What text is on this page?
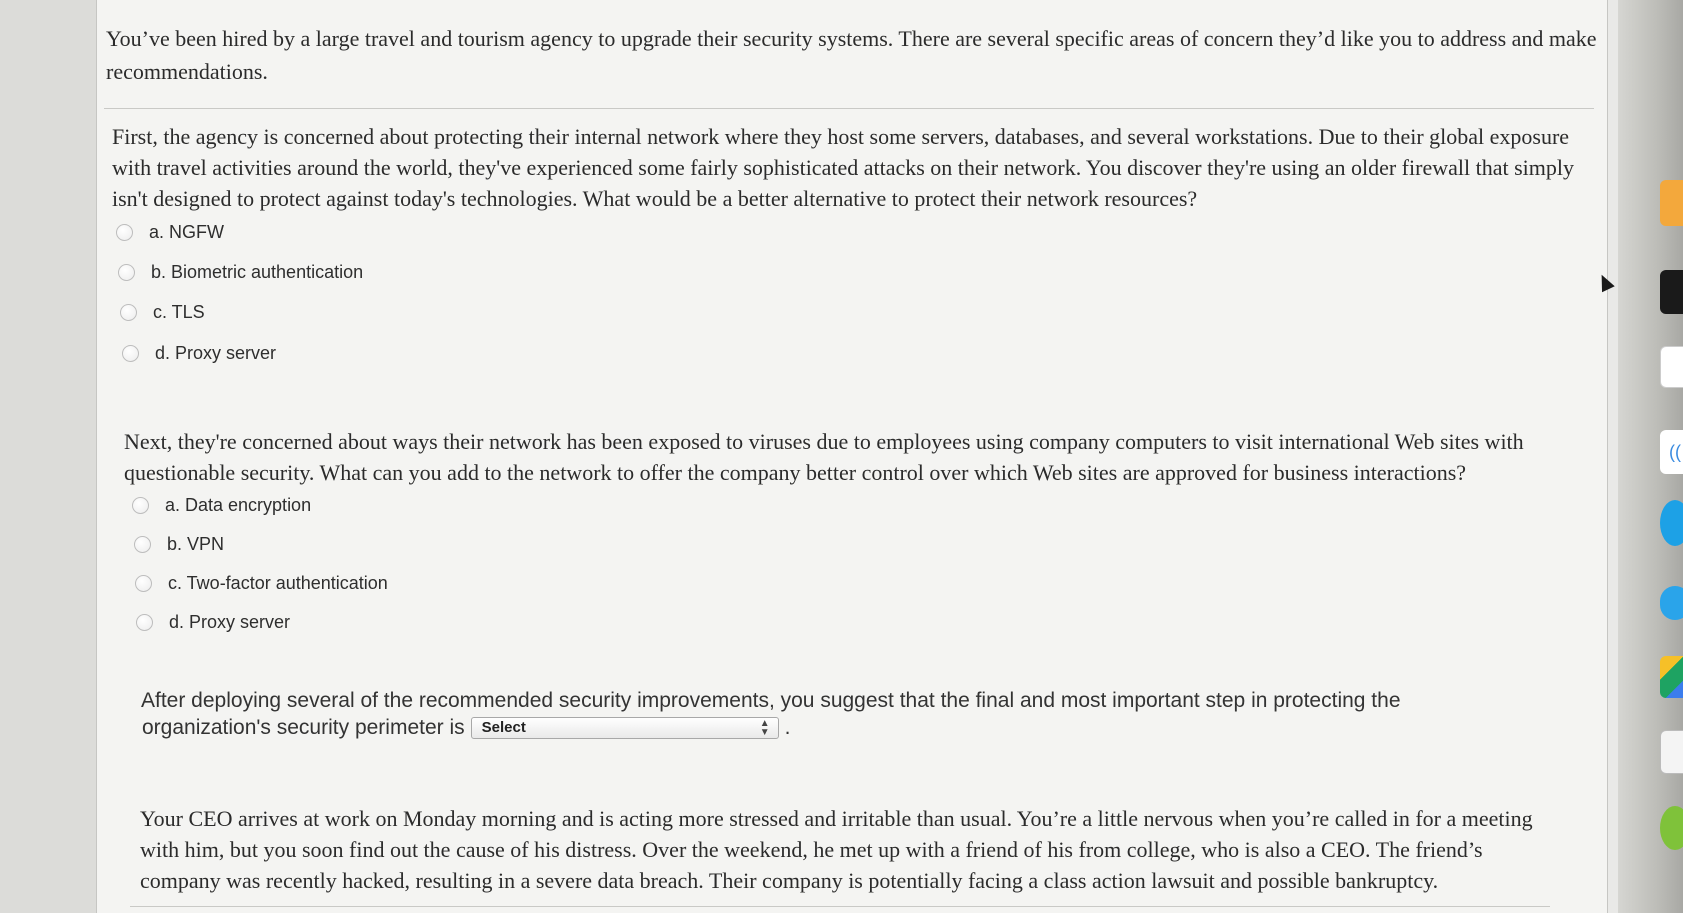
You’ve been hired by a large travel and tourism agency to upgrade their security systems. There are several specific areas of concern they’d like you to address and make recommendations.
First, the agency is concerned about protecting their internal network where they host some servers, databases, and several workstations. Due to their global exposure with travel activities around the world, they've experienced some fairly sophisticated attacks on their network. You discover they're using an older firewall that simply isn't designed to protect against today's technologies. What would be a better alternative to protect their network resources?
a. NGFW
b. Biometric authentication
c. TLS
d. Proxy server
Next, they're concerned about ways their network has been exposed to viruses due to employees using company computers to visit international Web sites with questionable security. What can you add to the network to offer the company better control over which Web sites are approved for business interactions?
a. Data encryption
b. VPN
c. Two-factor authentication
d. Proxy server
After deploying several of the recommended security improvements, you suggest that the final and most important step in protecting the
organization's security perimeter is Select	▲
▼ .
Your CEO arrives at work on Monday morning and is acting more stressed and irritable than usual. You’re a little nervous when you’re called in for a meeting with him, but you soon find out the cause of his distress. Over the weekend, he met up with a friend of his from college, who is also a CEO. The friend’s company was recently hacked, resulting in a severe data breach. Their company is potentially facing a class action lawsuit and possible bankruptcy.
((
